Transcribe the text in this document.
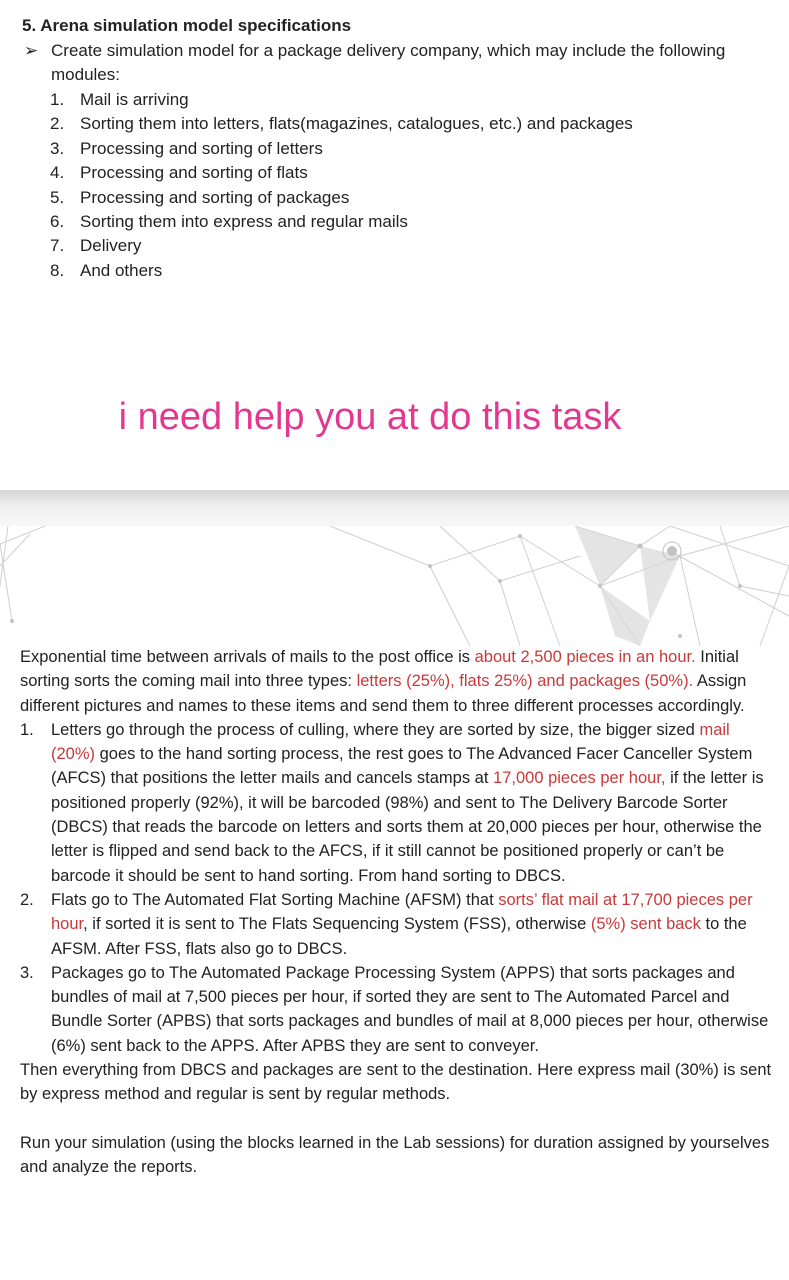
5. Arena simulation model specifications
➢ Create simulation model for a package delivery company, which may include the following modules:
1. Mail is arriving
2. Sorting them into letters, flats(magazines, catalogues, etc.) and packages
3. Processing and sorting of letters
4. Processing and sorting of flats
5. Processing and sorting of packages
6. Sorting them into express and regular mails
7. Delivery
8. And others
i need help you at do this task

Exponential time between arrivals of mails to the post office is about 2,500 pieces in an hour. Initial sorting sorts the coming mail into three types: letters (25%), flats 25%) and packages (50%). Assign different pictures and names to these items and send them to three different processes accordingly.

1. Letters go through the process of culling, where they are sorted by size, the bigger sized mail (20%) goes to the hand sorting process, the rest goes to The Advanced Facer Canceller System (AFCS) that positions the letter mails and cancels stamps at 17,000 pieces per hour, if the letter is positioned properly (92%), it will be barcoded (98%) and sent to The Delivery Barcode Sorter (DBCS) that reads the barcode on letters and sorts them at 20,000 pieces per hour, otherwise the letter is flipped and send back to the AFCS, if it still cannot be positioned properly or can’t be barcode it should be sent to hand sorting. From hand sorting to DBCS.
2. Flats go to The Automated Flat Sorting Machine (AFSM) that sorts’ flat mail at 17,700 pieces per hour, if sorted it is sent to The Flats Sequencing System (FSS), otherwise (5%) sent back to the AFSM. After FSS, flats also go to DBCS.
3. Packages go to The Automated Package Processing System (APPS) that sorts packages and bundles of mail at 7,500 pieces per hour, if sorted they are sent to The Automated Parcel and Bundle Sorter (APBS) that sorts packages and bundles of mail at 8,000 pieces per hour, otherwise (6%) sent back to the APPS. After APBS they are sent to conveyer.

Then everything from DBCS and packages are sent to the destination. Here express mail (30%) is sent by express method and regular is sent by regular methods.

Run your simulation (using the blocks learned in the Lab sessions) for duration assigned by yourselves and analyze the reports.
